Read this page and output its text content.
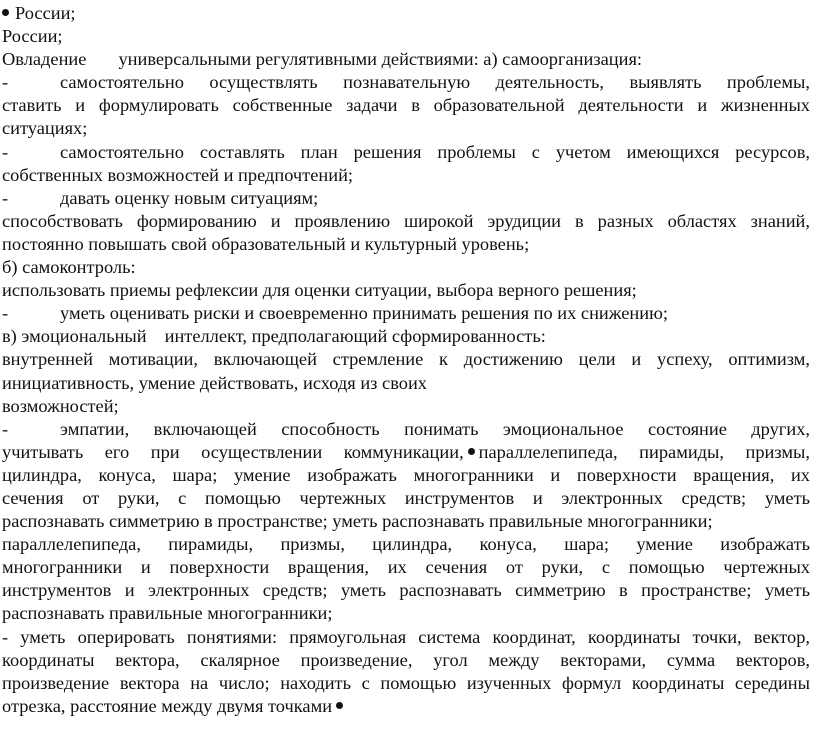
России;
России;
Овладение универсальными регулятивными действиями: а) самоорганизация:
-	самостоятельно осуществлять познавательную деятельность, выявлять проблемы,
ставить и формулировать собственные задачи в образовательной деятельности и жизненных
ситуациях;
-	самостоятельно составлять план решения проблемы с учетом имеющихся ресурсов,
собственных возможностей и предпочтений;
-	давать оценку новым ситуациям;
способствовать формированию и проявлению широкой эрудиции в разных областях знаний,
постоянно повышать свой образовательный и культурный уровень;
б) самоконтроль:
использовать приемы рефлексии для оценки ситуации, выбора верного решения;
-	уметь оценивать риски и своевременно принимать решения по их снижению;
в) эмоциональный интеллект, предполагающий сформированность:
внутренней мотивации, включающей стремление к достижению цели и успеху, оптимизм,
инициативность, умение действовать, исходя из своих
возможностей;
-	эмпатии, включающей способность понимать эмоциональное состояние других,
учитывать его при осуществлении коммуникации, параллелепипеда, пирамиды, призмы,
цилиндра, конуса, шара; умение изображать многогранники и поверхности вращения, их
сечения от руки, с помощью чертежных инструментов и электронных средств; уметь
распознавать симметрию в пространстве; уметь распознавать правильные многогранники;
параллелепипеда, пирамиды, призмы, цилиндра, конуса, шара; умение изображать
многогранники и поверхности вращения, их сечения от руки, с помощью чертежных
инструментов и электронных средств; уметь распознавать симметрию в пространстве; уметь
распознавать правильные многогранники;
- уметь оперировать понятиями: прямоугольная система координат, координаты точки, вектор,
координаты вектора, скалярное произведение, угол между векторами, сумма векторов,
произведение вектора на число; находить с помощью изученных формул координаты середины
отрезка, расстояние между двумя точками
